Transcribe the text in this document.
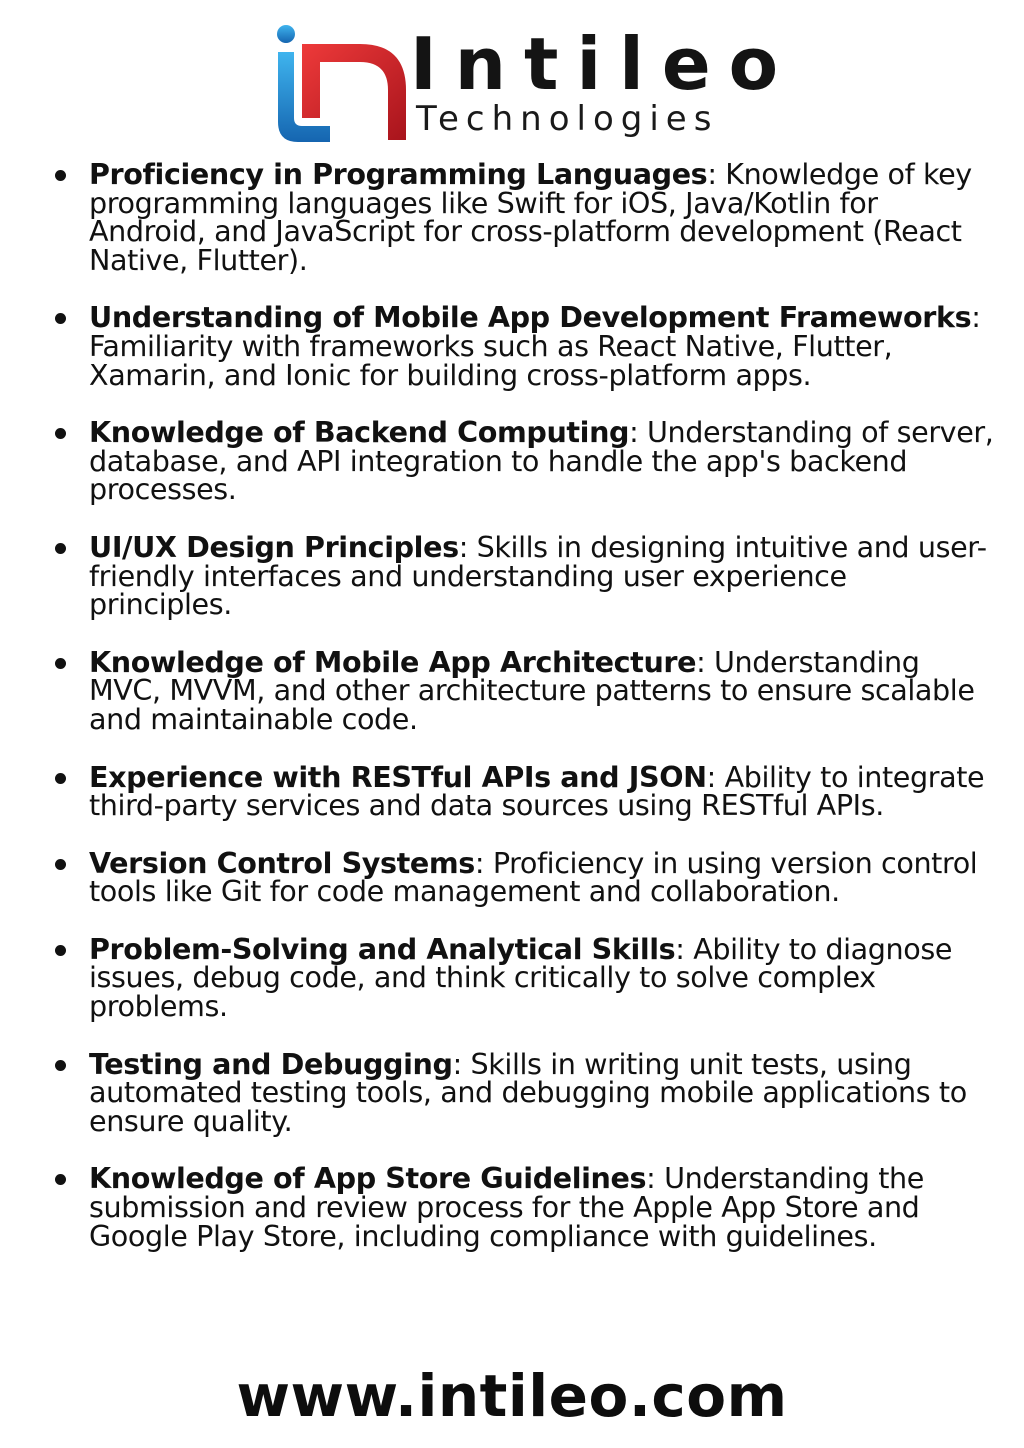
Intileo
Technologies
Proficiency in Programming Languages: Knowledge of key programming languages like Swift for iOS, Java/Kotlin for Android, and JavaScript for cross-platform development (React Native, Flutter).
Understanding of Mobile App Development Frameworks: Familiarity with frameworks such as React Native, Flutter, Xamarin, and Ionic for building cross-platform apps.
Knowledge of Backend Computing: Understanding of server, database, and API integration to handle the app's backend processes.
UI/UX Design Principles: Skills in designing intuitive and user-friendly interfaces and understanding user experience principles.
Knowledge of Mobile App Architecture: Understanding MVC, MVVM, and other architecture patterns to ensure scalable and maintainable code.
Experience with RESTful APIs and JSON: Ability to integrate third-party services and data sources using RESTful APIs.
Version Control Systems: Proficiency in using version control tools like Git for code management and collaboration.
Problem-Solving and Analytical Skills: Ability to diagnose issues, debug code, and think critically to solve complex problems.
Testing and Debugging: Skills in writing unit tests, using automated testing tools, and debugging mobile applications to ensure quality.
Knowledge of App Store Guidelines: Understanding the submission and review process for the Apple App Store and Google Play Store, including compliance with guidelines.
www.intileo.com
